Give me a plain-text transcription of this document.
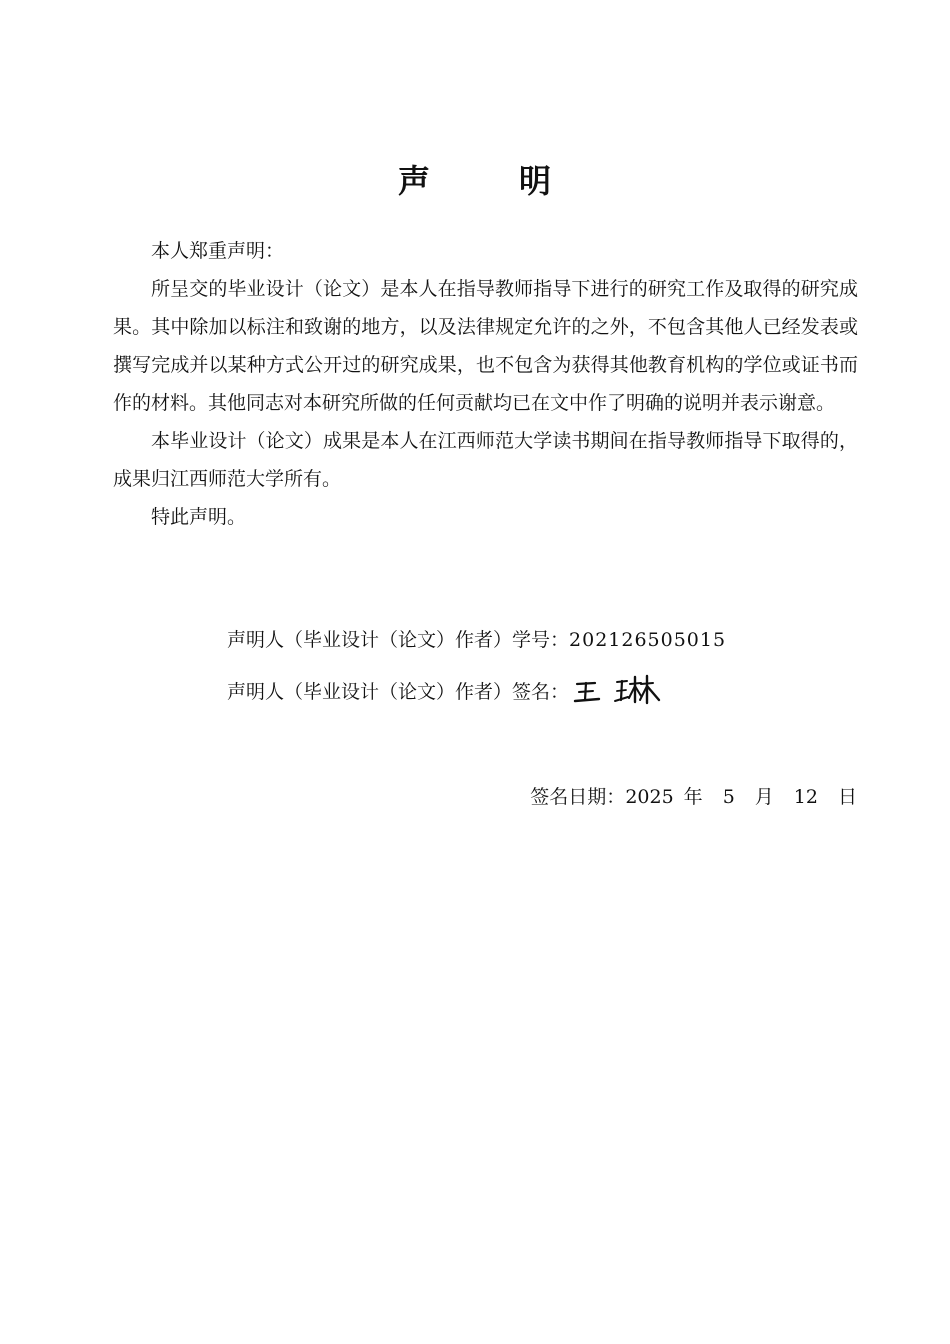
声	明

本人郑重声明：

所呈交的毕业设计（论文）是本人在指导教师指导下进行的研究工作及取得的研究成果。其中除加以标注和致谢的地方，以及法律规定允许的之外，不包含其他人已经发表或撰写完成并以某种方式公开过的研究成果，也不包含为获得其他教育机构的学位或证书而作的材料。其他同志对本研究所做的任何贡献均已在文中作了明确的说明并表示谢意。

本毕业设计（论文）成果是本人在江西师范大学读书期间在指导教师指导下取得的，成果归江西师范大学所有。

特此声明。

声明人（毕业设计（论文）作者）学号： 202126505015
声明人（毕业设计（论文）作者）签名：
签名日期：2025 年 5 月 12 日
